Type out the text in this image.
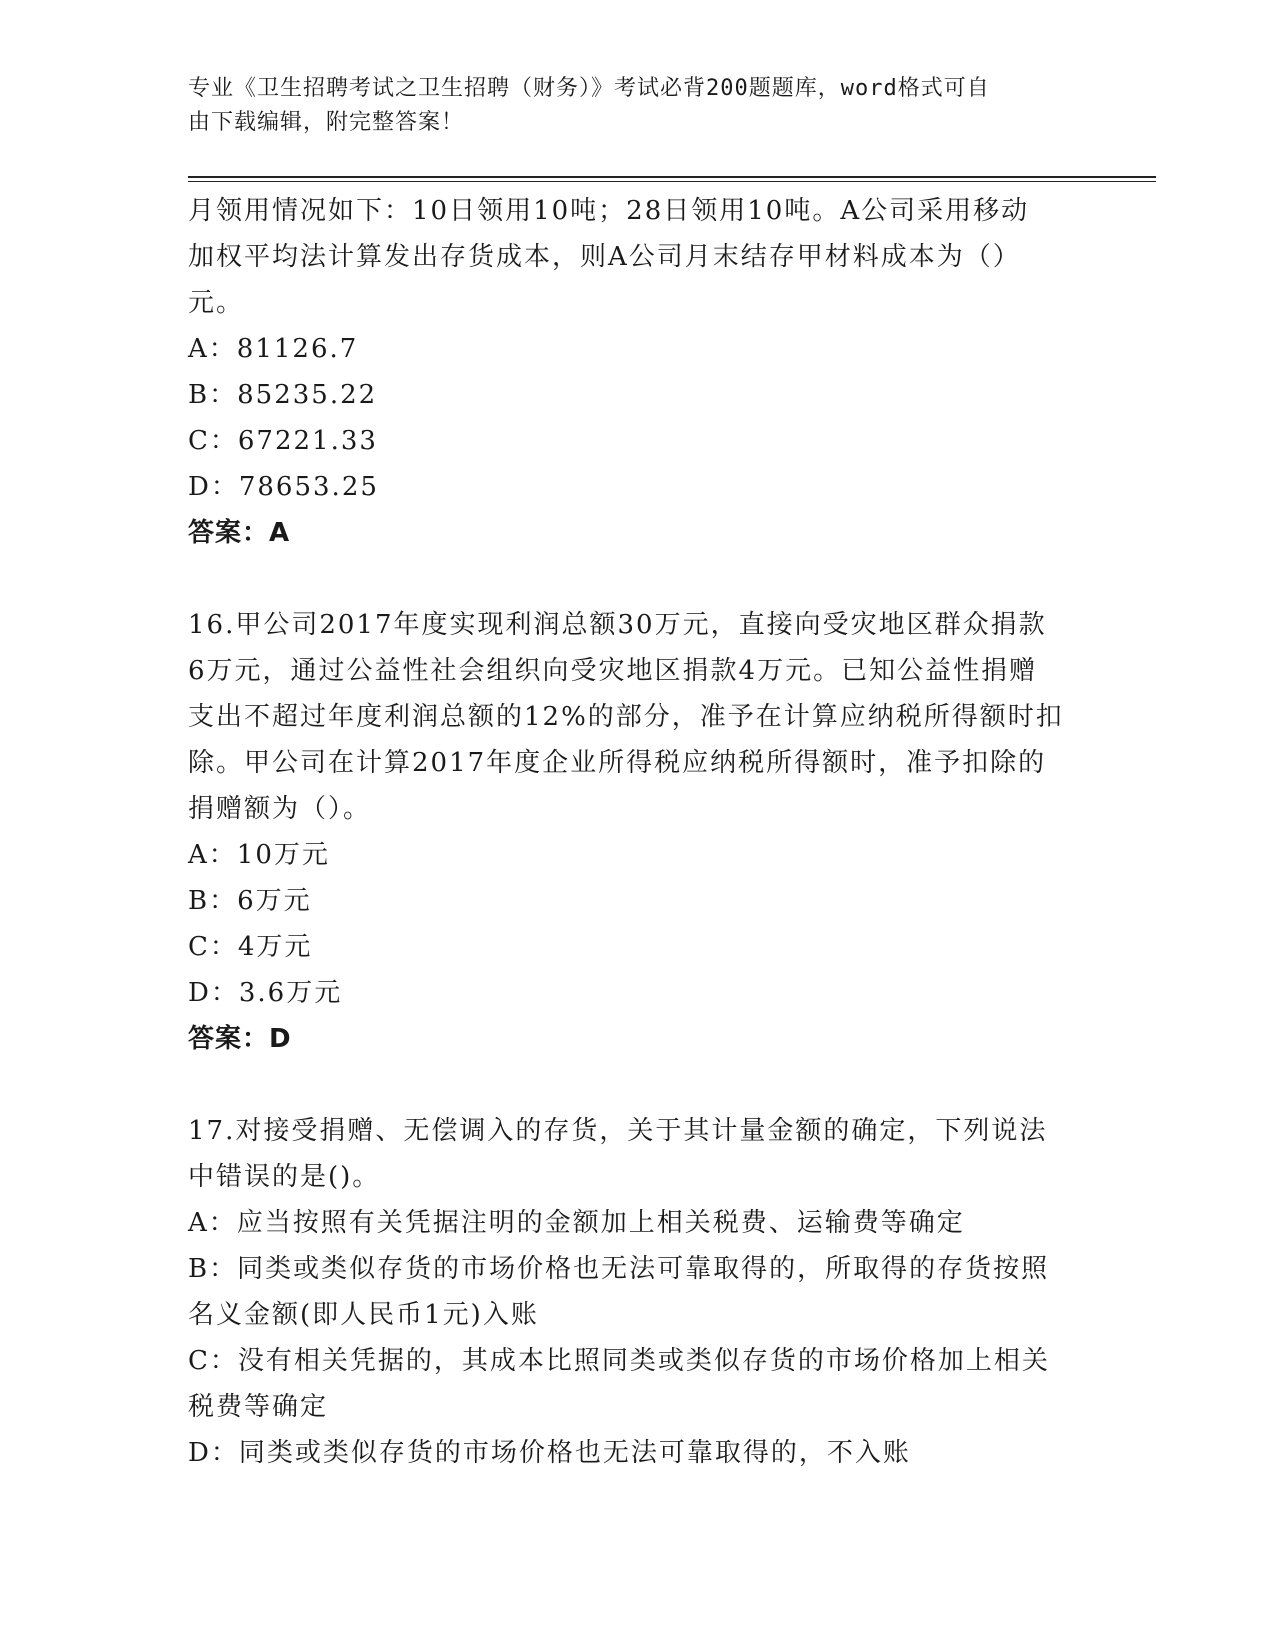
专业《卫生招聘考试之卫生招聘（财务）》考试必背200题题库，word格式可自
由下载编辑，附完整答案！
月领用情况如下：10日领用10吨；28日领用10吨。A公司采用移动
加权平均法计算发出存货成本，则A公司月末结存甲材料成本为（）
元。
A：81126.7
B：85235.22
C：67221.33
D：78653.25
答案：A
16.甲公司2017年度实现利润总额30万元，直接向受灾地区群众捐款
6万元，通过公益性社会组织向受灾地区捐款4万元。已知公益性捐赠
支出不超过年度利润总额的12%的部分，准予在计算应纳税所得额时扣
除。甲公司在计算2017年度企业所得税应纳税所得额时，准予扣除的
捐赠额为（）。
A：10万元
B：6万元
C：4万元
D：3.6万元
答案：D
17.对接受捐赠、无偿调入的存货，关于其计量金额的确定，下列说法
中错误的是()。
A：应当按照有关凭据注明的金额加上相关税费、运输费等确定
B：同类或类似存货的市场价格也无法可靠取得的，所取得的存货按照
名义金额(即人民币1元)入账
C：没有相关凭据的，其成本比照同类或类似存货的市场价格加上相关
税费等确定
D：同类或类似存货的市场价格也无法可靠取得的，不入账
